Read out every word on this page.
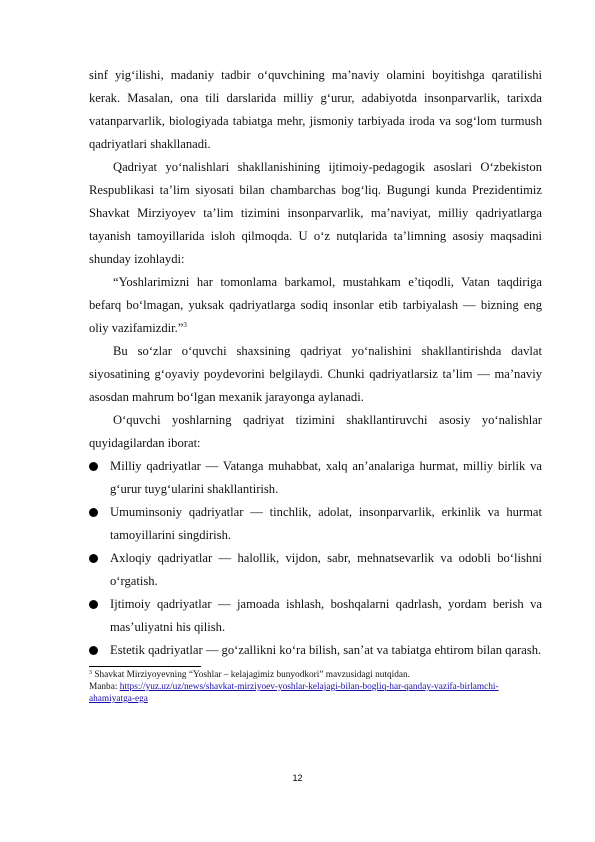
sinf yig‘ilishi, madaniy tadbir o‘quvchining ma’naviy olamini boyitishga qaratilishi kerak. Masalan, ona tili darslarida milliy g‘urur, adabiyotda insonparvarlik, tarixda vatanparvarlik, biologiyada tabiatga mehr, jismoniy tarbiyada iroda va sog‘lom turmush qadriyatlari shakllanadi.

Qadriyat yo‘nalishlari shakllanishining ijtimoiy-pedagogik asoslari O‘zbekiston Respublikasi ta’lim siyosati bilan chambarchas bog‘liq. Bugungi kunda Prezidentimiz Shavkat Mirziyoyev ta’lim tizimini insonparvarlik, ma’naviyat, milliy qadriyatlarga tayanish tamoyillarida isloh qilmoqda. U o‘z nutqlarida ta’limning asosiy maqsadini shunday izohlaydi:

“Yoshlarimizni har tomonlama barkamol, mustahkam e’tiqodli, Vatan taqdiriga befarq bo‘lmagan, yuksak qadriyatlarga sodiq insonlar etib tarbiyalash — bizning eng oliy vazifamizdir.”$^3$

Bu so‘zlar o‘quvchi shaxsining qadriyat yo‘nalishini shakllantirishda davlat siyosatining g‘oyaviy poydevorini belgilaydi. Chunki qadriyatlarsiz ta’lim — ma’naviy asosdan mahrum bo‘lgan mexanik jarayonga aylanadi.

O‘quvchi yoshlarning qadriyat tizimini shakllantiruvchi asosiy yo‘nalishlar quyidagilardan iborat:

Milliy qadriyatlar — Vatanga muhabbat, xalq an’analariga hurmat, milliy birlik va g‘urur tuyg‘ularini shakllantirish.

Umuminsoniy qadriyatlar — tinchlik, adolat, insonparvarlik, erkinlik va hurmat tamoyillarini singdirish.

Axloqiy qadriyatlar — halollik, vijdon, sabr, mehnatsevarlik va odobli bo‘lishni o‘rgatish.

Ijtimoiy qadriyatlar — jamoada ishlash, boshqalarni qadrlash, yordam berish va mas’uliyatni his qilish.

Estetik qadriyatlar — go‘zallikni ko‘ra bilish, san’at va tabiatga ehtirom bilan qarash.

$^3$ Shavkat Mirziyoyevning “Yoshlar – kelajagimiz bunyodkori” mavzusidagi nutqidan.
Manba: https://yuz.uz/uz/news/shavkat-mirziyoev-yoshlar-kelajagi-bilan-bogliq-har-qanday-vazifa-birlamchi-ahamiyatga-ega
12
